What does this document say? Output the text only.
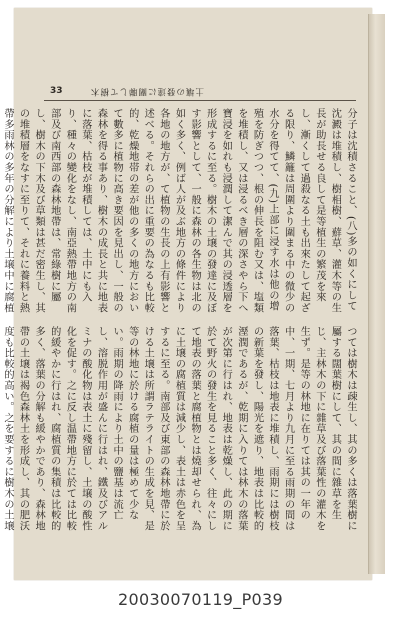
33	土壤の發達に關聯して樹木
分子は沈積さること、(八)多の如くにして沈澱は堆積し、樹相樹、蘚草、灌木等の生長が助長せる良して是等植生の繁茂を來し、漸くして過殺なる土も出來たして起ざる限り、鱗籬は周圍より圍まる中の微少の水分を得てて、(九)上部に浸す水は他の增殖を防ぎつつ、根の伸長を阻む又は、塩類を堆積し、又は浸るべき層の深さやら下へ寶浸を如れも浸潤して潔んで其の浸透層を形成するに至る。樹木の土壌の發達に及ぼす影響として、一般に森林の各生物は北の如く多く、例ば人が及ぶ地方の條件により各地の地方が、て植物の生長の上有影響と述べる。それらの出に重要の為なるも比較的、乾燥地帯の差が他の多くの地方において數多に植物に高き要因を見出し、一般の森林を得る事あり、樹木の成長と共に地表に落葉、枯枝が堆積しては、土中にも入り、種々の變化をなし、南亞熱帶地方の南部及び南西部の森林地帶は、常綠樹に屬し、樹木の下木及び草類は甚だ密生し、其の堆積層をなすに至りて、それに養料と熱帶多雨林の多年の分解により土壌中に腐植
つては樹木は疎生し、其の多くは落葉樹に屬する闊葉樹にして、其の間に雜草を生じ、主林木の下に雜草及び落葉性の灌木を生ず。是等の林地に在りては其の一年の中、一期、七月より九月に至る雨期の間は落葉、枯枝は地表に堆積し、雨期には樹枝の新葉を發し、陽光を遮り、地表は比較的溼潤であるが、乾期に入りては林木の落葉が次第に行はれ、地表は乾燥し、此の期に於て野火の發生を見ること多く、往々にして地表の落葉と腐植物とは燒却せられ、為に土壌の腐植質は減少し、表土は赤色を呈するに至る。南部及び東部の森林地帶に於ける土壌は所謂ラテライトの生成を見、是等の林地に於ける腐植の量は極めて少ない。雨期の降雨により土中の鹽基は流亡し、溶脱作用が盛んに行はれ、鐵及びアルミナの酸化物は表土に殘留し、土壌の酸性化を促す。之に反し温帶地方に於ては比較的緩やかに行はれ、腐植質の集積は比較的多く、落葉の分解も緩やかであり、森林地帶の土壌は褐色森林土を形成し、其の肥沃度も比較的高い。之を要するに樹木の土壌
20030070119_P039
